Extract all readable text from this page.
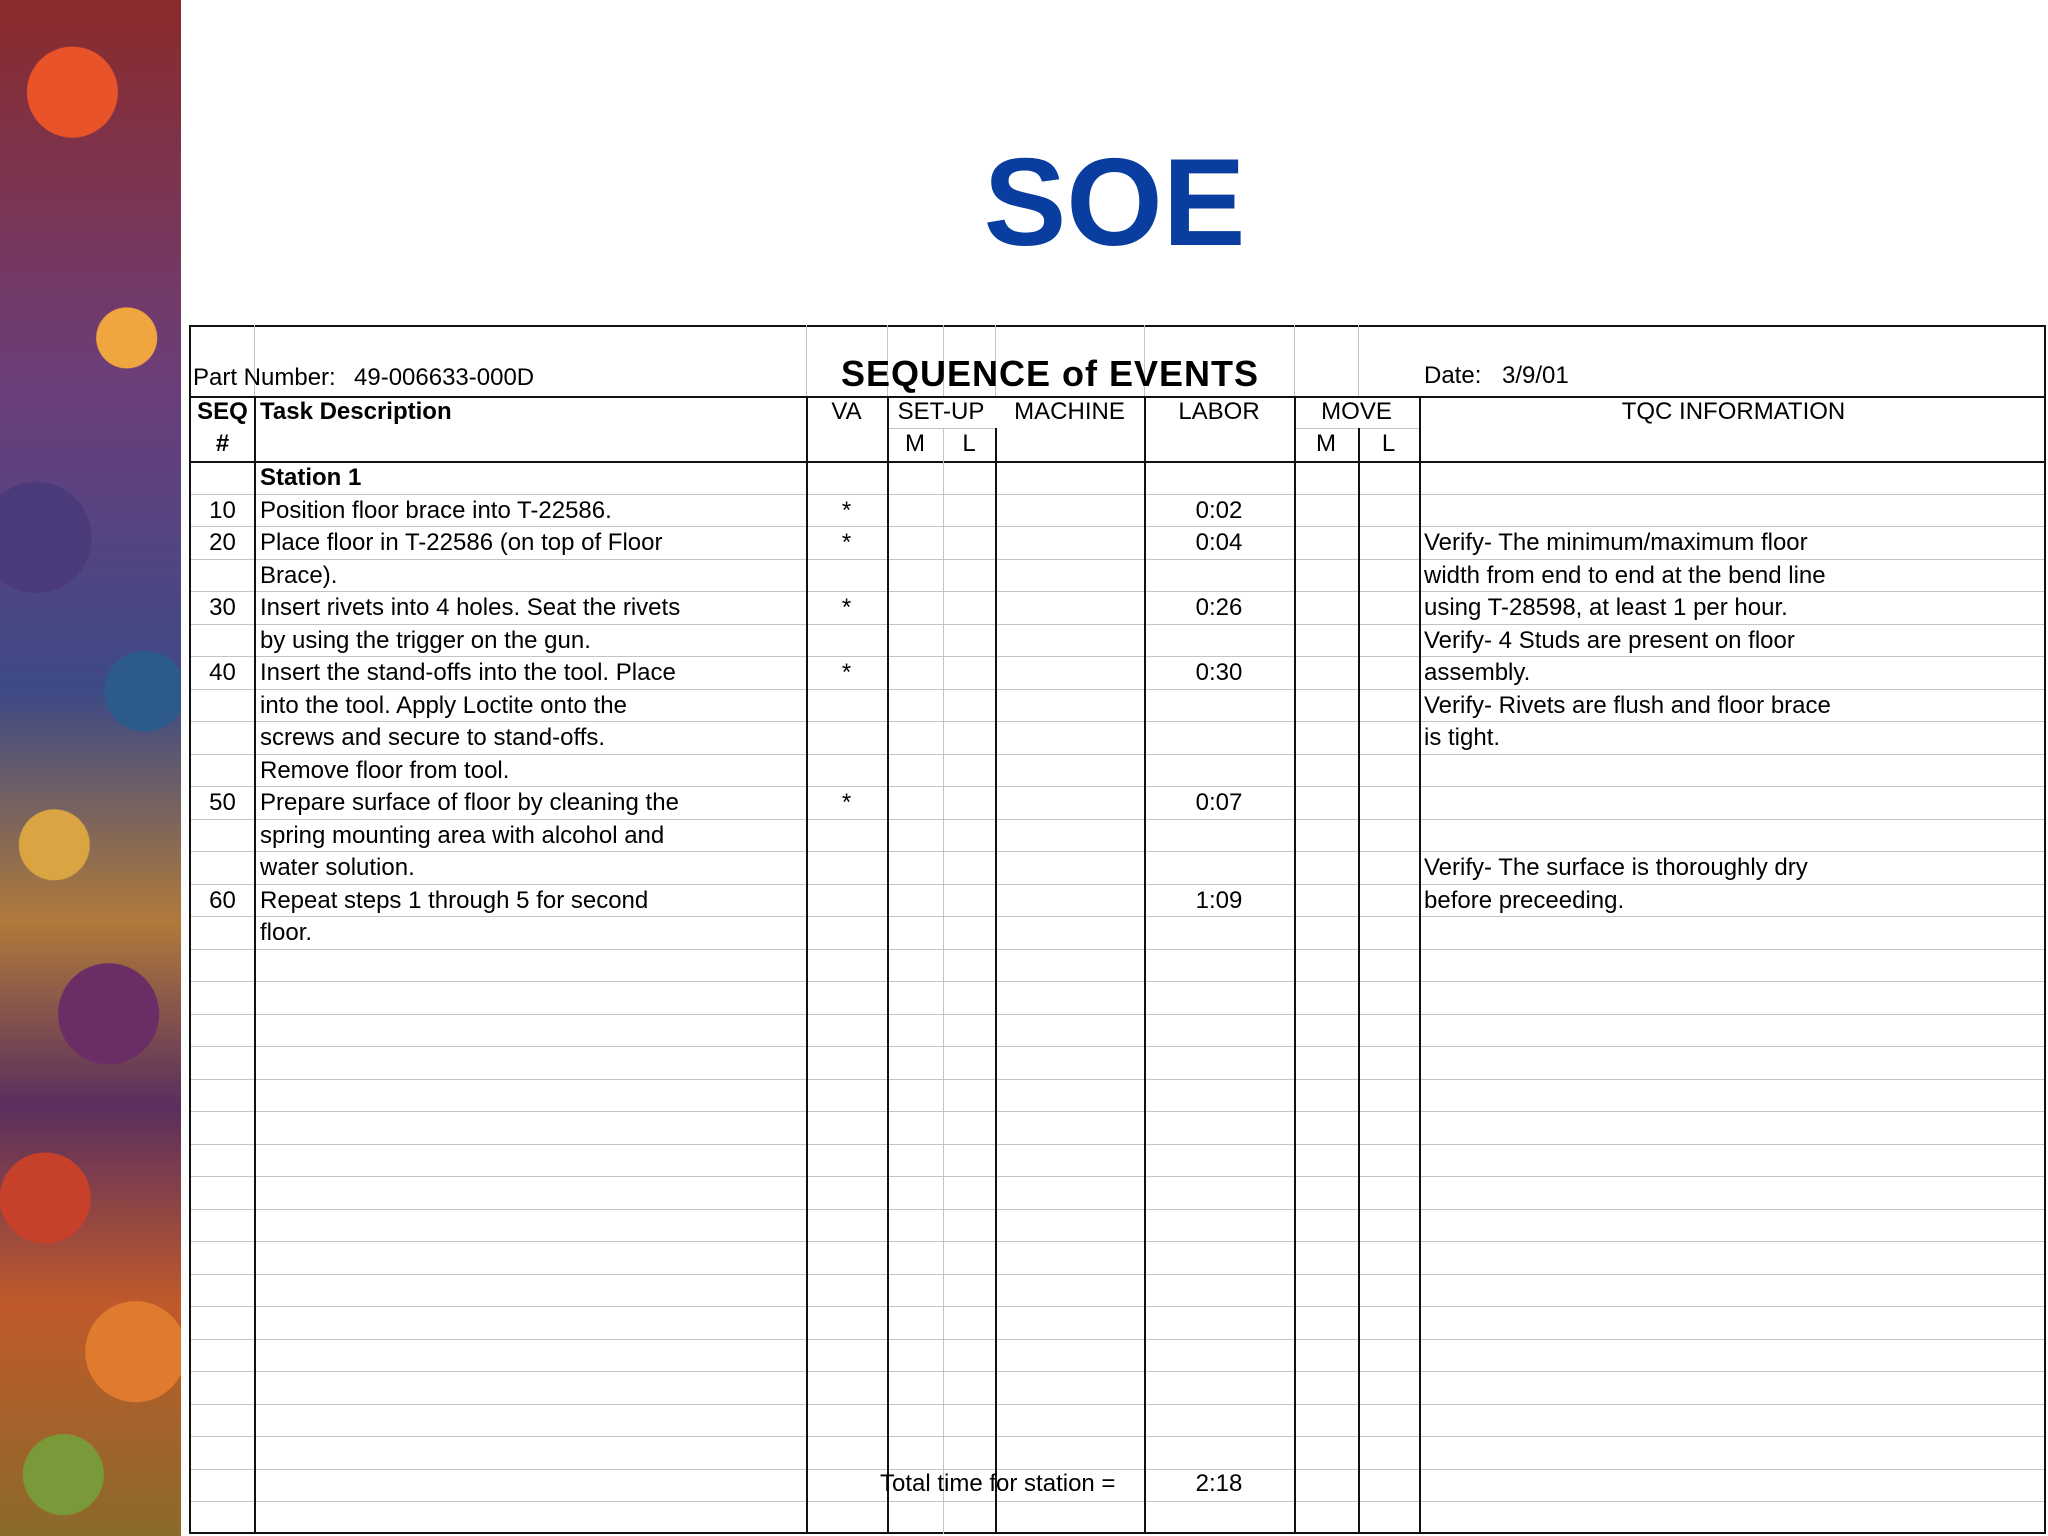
SOE
Part Number: 49-006633-000D	SEQUENCE of EVENTS	Date: 3/9/01
SEQ
#
Task Description	VA	SET-UP
M	L
MACHINE	LABOR	MOVE
M	L
TQC INFORMATION
Station 1
10	Position floor brace into T-22586.	*	0:02
20	Place floor in T-22586 (on top of Floor	*	0:04	Verify- The minimum/maximum floor
Brace).	width from end to end at the bend line
30	Insert rivets into 4 holes. Seat the rivets	*	0:26	using T-28598, at least 1 per hour.
by using the trigger on the gun.	Verify- 4 Studs are present on floor
40	Insert the stand-offs into the tool. Place	*	0:30	assembly.
into the tool. Apply Loctite onto the	Verify- Rivets are flush and floor brace
screws and secure to stand-offs.	is tight.
Remove floor from tool.
50	Prepare surface of floor by cleaning the	*	0:07
spring mounting area with alcohol and
water solution.	Verify- The surface is thoroughly dry
60	Repeat steps 1 through 5 for second	1:09	before preceeding.
floor.
Total time for station =	2:18
